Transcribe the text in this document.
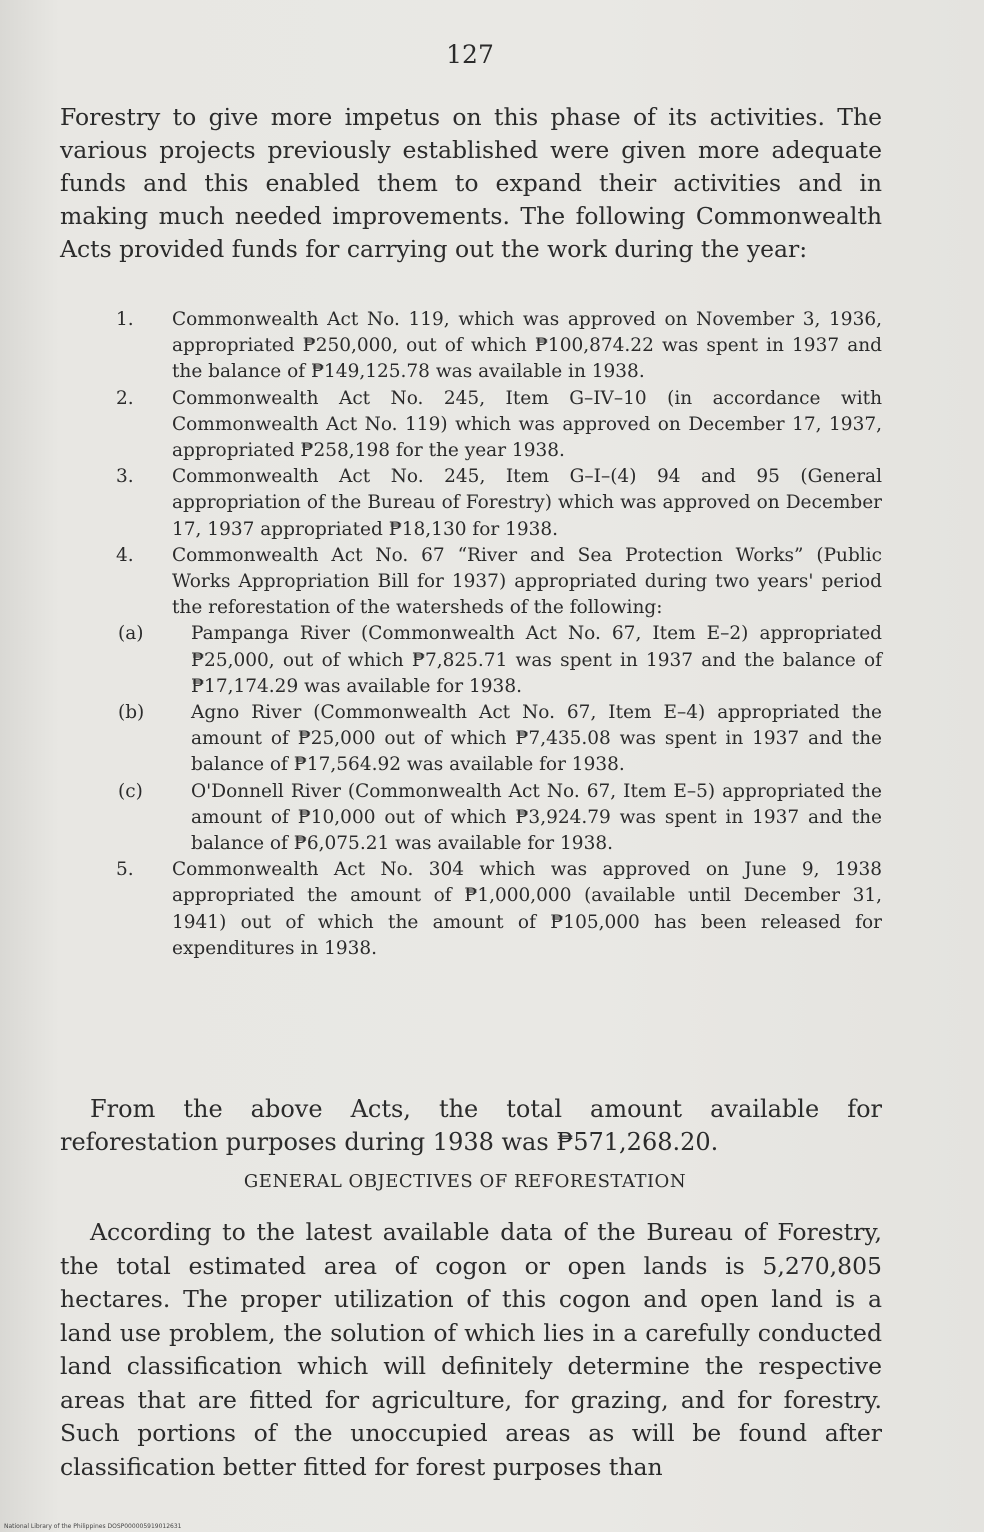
127

Forestry to give more impetus on this phase of its activities. The various projects previously established were given more adequate funds and this enabled them to expand their activities and in making much needed improvements. The following Commonwealth Acts provided funds for carrying out the work during the year:

1. Commonwealth Act No. 119, which was approved on November 3, 1936, appropriated ₱250,000, out of which ₱100,874.22 was spent in 1937 and the balance of ₱149,125.78 was available in 1938.
2. Commonwealth Act No. 245, Item G–IV–10 (in accordance with Commonwealth Act No. 119) which was approved on December 17, 1937, appropriated ₱258,198 for the year 1938.
3. Commonwealth Act No. 245, Item G–I–(4) 94 and 95 (General appropriation of the Bureau of Forestry) which was approved on December 17, 1937 appropriated ₱18,130 for 1938.
4. Commonwealth Act No. 67 “River and Sea Protection Works” (Public Works Appropriation Bill for 1937) appropriated during two years' period the reforestation of the watersheds of the following:
(a)	Pampanga River (Commonwealth Act No. 67, Item E–2) appropriated ₱25,000, out of which ₱7,825.71 was spent in 1937 and the balance of ₱17,174.29 was available for 1938.
(b)	Agno River (Commonwealth Act No. 67, Item E–4) appropriated the amount of ₱25,000 out of which ₱7,435.08 was spent in 1937 and the balance of ₱17,564.92 was available for 1938.
(c)	O'Donnell River (Commonwealth Act No. 67, Item E–5) appropriated the amount of ₱10,000 out of which ₱3,924.79 was spent in 1937 and the balance of ₱6,075.21 was available for 1938.
5. Commonwealth Act No. 304 which was approved on June 9, 1938 appropriated the amount of ₱1,000,000 (available until December 31, 1941) out of which the amount of ₱105,000 has been released for expenditures in 1938.

From the above Acts, the total amount available for reforestation purposes during 1938 was ₱571,268.20.

GENERAL OBJECTIVES OF REFORESTATION

According to the latest available data of the Bureau of Forestry, the total estimated area of cogon or open lands is 5,270,805 hectares. The proper utilization of this cogon and open land is a land use problem, the solution of which lies in a carefully conducted land classification which will definitely determine the respective areas that are fitted for agriculture, for grazing, and for forestry. Such portions of the unoccupied areas as will be found after classification better fitted for forest purposes than

National Library of the Philippines DOSP000005919012631
